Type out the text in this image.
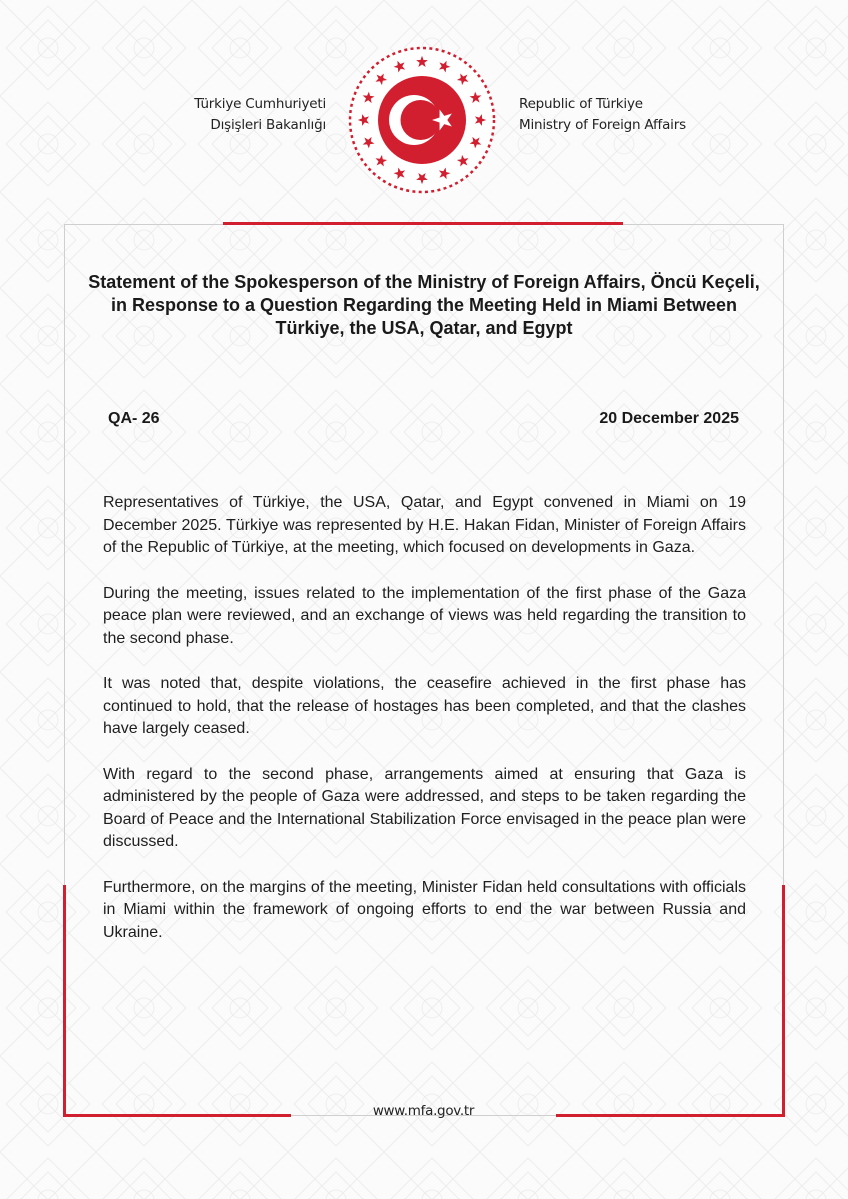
Türkiye Cumhuriyeti
Dışişleri Bakanlığı
Republic of Türkiye
Ministry of Foreign Affairs
Statement of the Spokesperson of the Ministry of Foreign Affairs, Öncü Keçeli, in Response to a Question Regarding the Meeting Held in Miami Between Türkiye, the USA, Qatar, and Egypt
QA- 26	20 December 2025

Representatives of Türkiye, the USA, Qatar, and Egypt convened in Miami on 19 December 2025. Türkiye was represented by H.E. Hakan Fidan, Minister of Foreign Affairs of the Republic of Türkiye, at the meeting, which focused on developments in Gaza.

During the meeting, issues related to the implementation of the first phase of the Gaza peace plan were reviewed, and an exchange of views was held regarding the transition to the second phase.

It was noted that, despite violations, the ceasefire achieved in the first phase has continued to hold, that the release of hostages has been completed, and that the clashes have largely ceased.

With regard to the second phase, arrangements aimed at ensuring that Gaza is administered by the people of Gaza were addressed, and steps to be taken regarding the Board of Peace and the International Stabilization Force envisaged in the peace plan were discussed.

Furthermore, on the margins of the meeting, Minister Fidan held consultations with officials in Miami within the framework of ongoing efforts to end the war between Russia and Ukraine.

www.mfa.gov.tr
